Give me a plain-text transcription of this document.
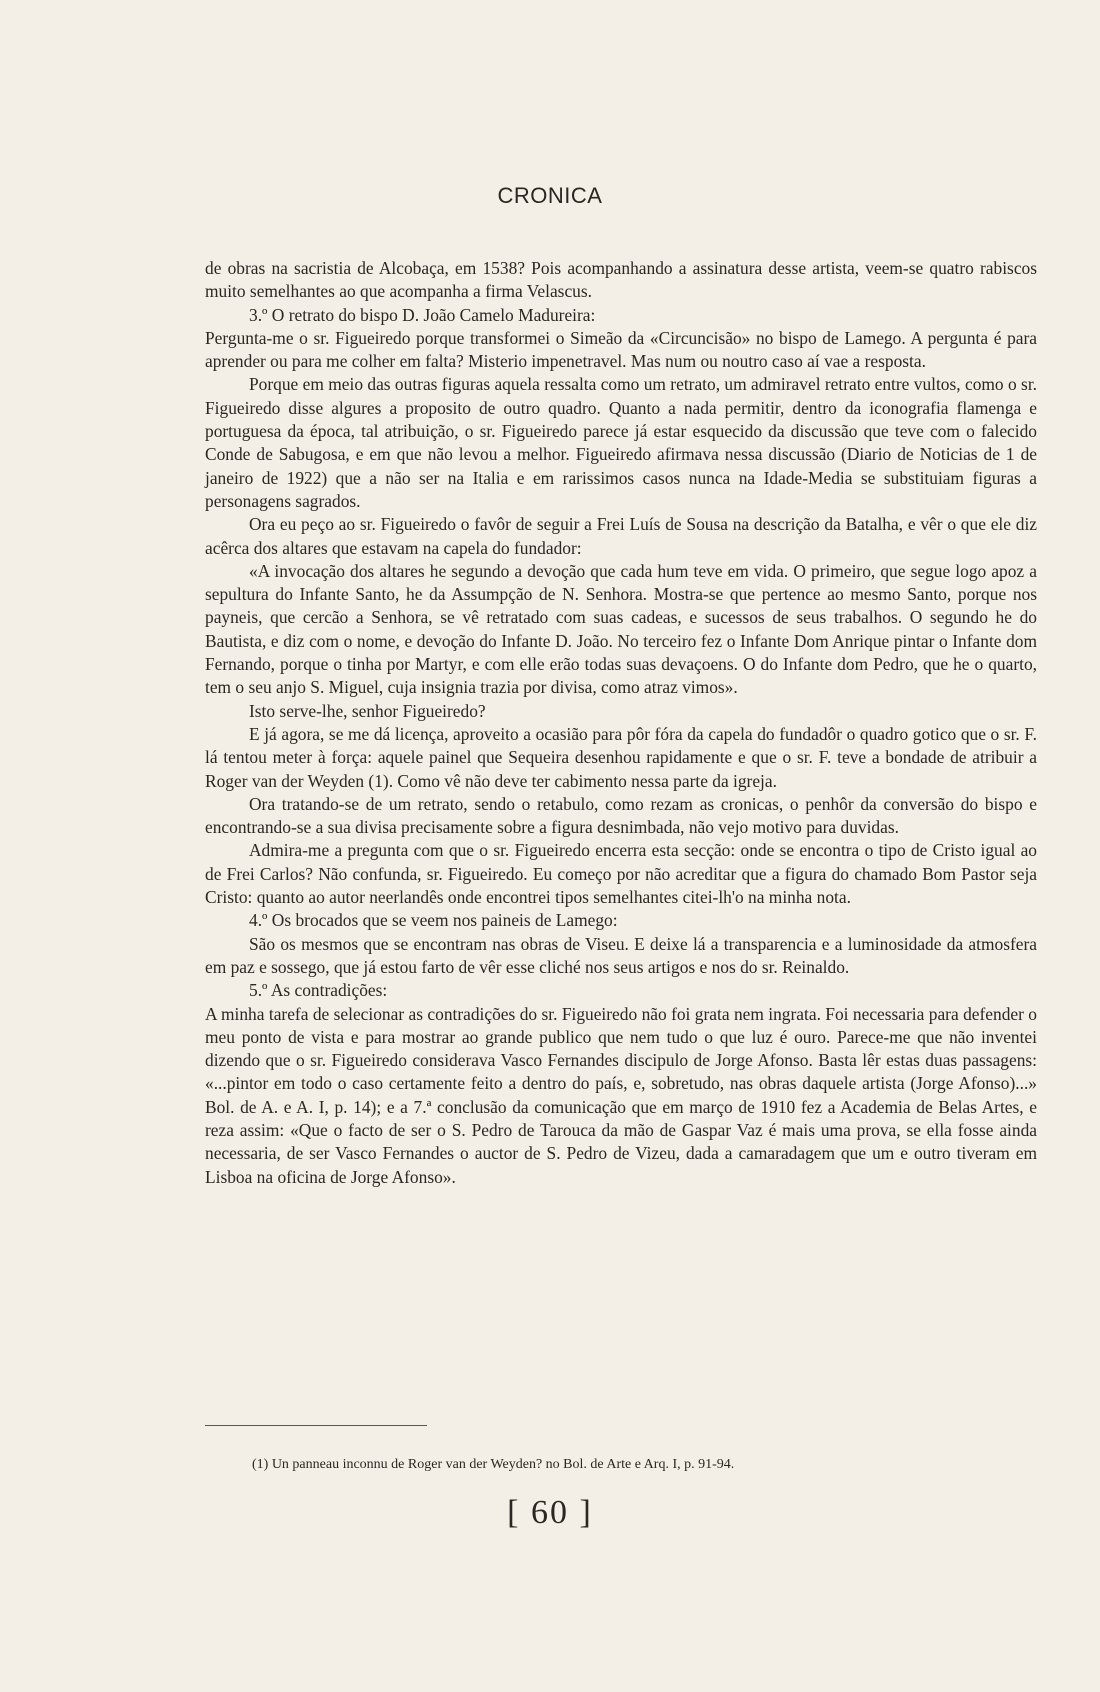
CRONICA

de obras na sacristia de Alcobaça, em 1538? Pois acompanhando a assinatura desse artista, veem-se quatro rabiscos muito semelhantes ao que acompanha a firma Velascus.

3.º O retrato do bispo D. João Camelo Madureira:

Pergunta-me o sr. Figueiredo porque transformei o Simeão da «Circuncisão» no bispo de Lamego. A pergunta é para aprender ou para me colher em falta? Misterio impenetravel. Mas num ou noutro caso aí vae a resposta.

Porque em meio das outras figuras aquela ressalta como um retrato, um admiravel retrato entre vultos, como o sr. Figueiredo disse algures a proposito de outro quadro. Quanto a nada permitir, dentro da iconografia flamenga e portuguesa da época, tal atribuição, o sr. Figueiredo parece já estar esquecido da discussão que teve com o falecido Conde de Sabugosa, e em que não levou a melhor. Figueiredo afirmava nessa discussão (Diario de Noticias de 1 de janeiro de 1922) que a não ser na Italia e em rarissimos casos nunca na Idade-Media se substituiam figuras a personagens sagrados.

Ora eu peço ao sr. Figueiredo o favôr de seguir a Frei Luís de Sousa na descrição da Batalha, e vêr o que ele diz acêrca dos altares que estavam na capela do fundador:

«A invocação dos altares he segundo a devoção que cada hum teve em vida. O primeiro, que segue logo apoz a sepultura do Infante Santo, he da Assumpção de N. Senhora. Mostra-se que pertence ao mesmo Santo, porque nos payneis, que cercão a Senhora, se vê retratado com suas cadeas, e sucessos de seus trabalhos. O segundo he do Bautista, e diz com o nome, e devoção do Infante D. João. No terceiro fez o Infante Dom Anrique pintar o Infante dom Fernando, porque o tinha por Martyr, e com elle erão todas suas devaçoens. O do Infante dom Pedro, que he o quarto, tem o seu anjo S. Miguel, cuja insignia trazia por divisa, como atraz vimos».

Isto serve-lhe, senhor Figueiredo?

E já agora, se me dá licença, aproveito a ocasião para pôr fóra da capela do fundadôr o quadro gotico que o sr. F. lá tentou meter à força: aquele painel que Sequeira desenhou rapidamente e que o sr. F. teve a bondade de atribuir a Roger van der Weyden (1). Como vê não deve ter cabimento nessa parte da igreja.

Ora tratando-se de um retrato, sendo o retabulo, como rezam as cronicas, o penhôr da conversão do bispo e encontrando-se a sua divisa precisamente sobre a figura desnimbada, não vejo motivo para duvidas.

Admira-me a pregunta com que o sr. Figueiredo encerra esta secção: onde se encontra o tipo de Cristo igual ao de Frei Carlos? Não confunda, sr. Figueiredo. Eu começo por não acreditar que a figura do chamado Bom Pastor seja Cristo: quanto ao autor neerlandês onde encontrei tipos semelhantes citei-lh'o na minha nota.

4.º Os brocados que se veem nos paineis de Lamego:

São os mesmos que se encontram nas obras de Viseu. E deixe lá a transparencia e a luminosidade da atmosfera em paz e sossego, que já estou farto de vêr esse cliché nos seus artigos e nos do sr. Reinaldo.

5.º As contradições:

A minha tarefa de selecionar as contradições do sr. Figueiredo não foi grata nem ingrata. Foi necessaria para defender o meu ponto de vista e para mostrar ao grande publico que nem tudo o que luz é ouro. Parece-me que não inventei dizendo que o sr. Figueiredo considerava Vasco Fernandes discipulo de Jorge Afonso. Basta lêr estas duas passagens: «...pintor em todo o caso certamente feito a dentro do país, e, sobretudo, nas obras daquele artista (Jorge Afonso)...» Bol. de A. e A. I, p. 14); e a 7.ª conclusão da comunicação que em março de 1910 fez a Academia de Belas Artes, e reza assim: «Que o facto de ser o S. Pedro de Tarouca da mão de Gaspar Vaz é mais uma prova, se ella fosse ainda necessaria, de ser Vasco Fernandes o auctor de S. Pedro de Vizeu, dada a camaradagem que um e outro tiveram em Lisboa na oficina de Jorge Afonso».

(1) Un panneau inconnu de Roger van der Weyden? no Bol. de Arte e Arq. I, p. 91-94.
[ 60 ]
